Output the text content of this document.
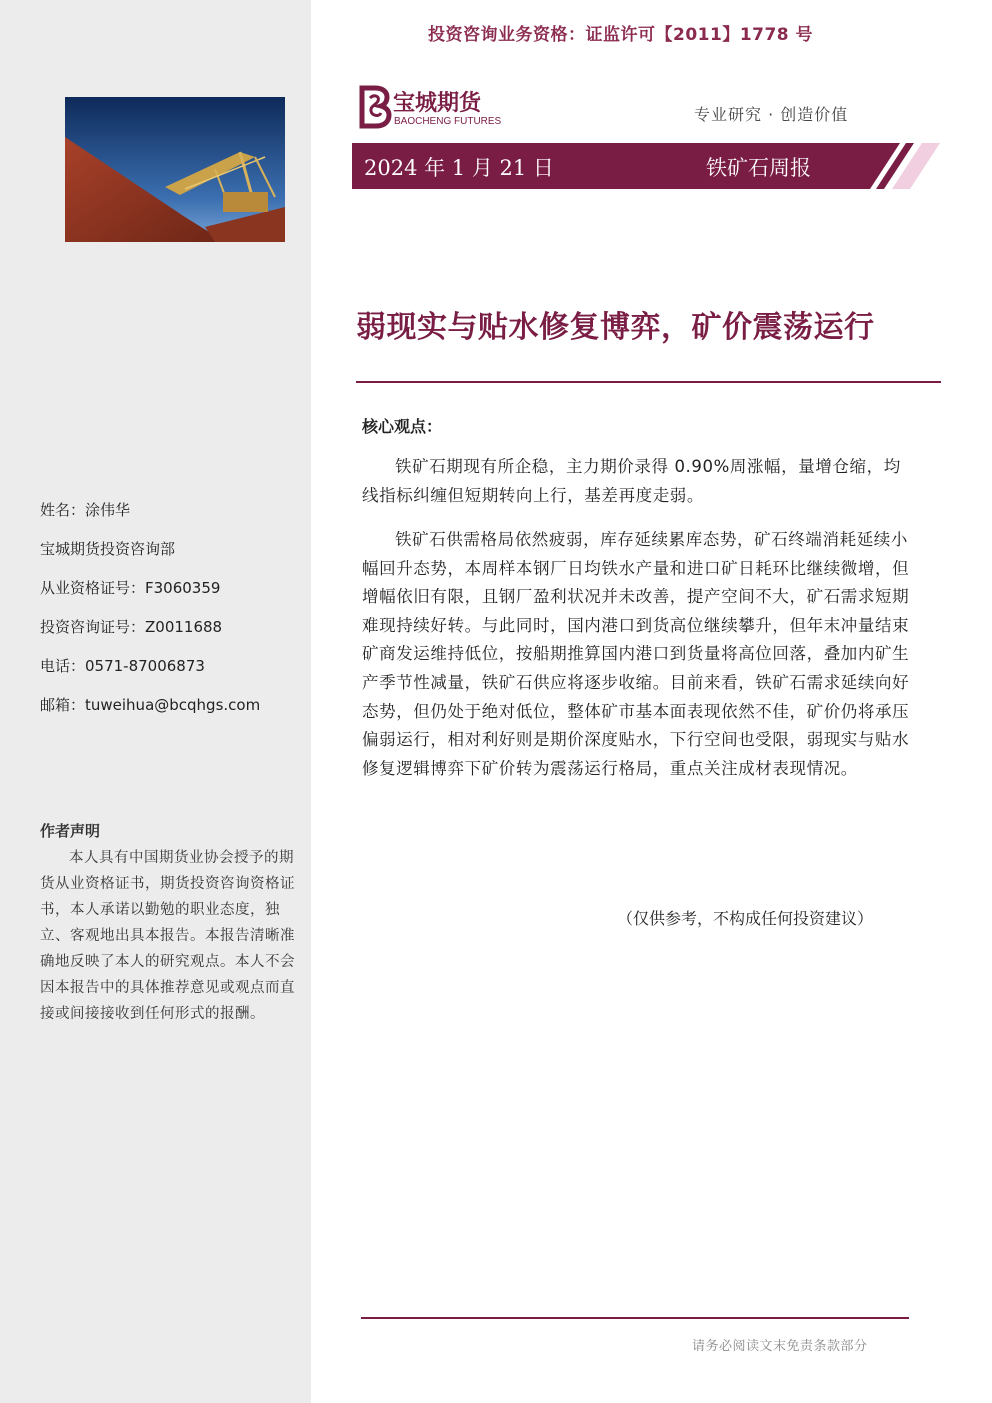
姓名：涂伟华
宝城期货投资咨询部
从业资格证号：F3060359
投资咨询证号：Z0011688
电话：0571-87006873
邮箱：tuweihua@bcqhgs.com
作者声明
本人具有中国期货业协会授予的期货从业资格证书，期货投资咨询资格证书，本人承诺以勤勉的职业态度，独立、客观地出具本报告。本报告清晰准确地反映了本人的研究观点。本人不会因本报告中的具体推荐意见或观点而直接或间接接收到任何形式的报酬。
投资咨询业务资格：证监许可【2011】1778 号
宝城期货
BAOCHENG FUTURES	专业研究 · 创造价值
2024 年 1 月 21 日	铁矿石周报
弱现实与贴水修复博弈，矿价震荡运行
核心观点：
铁矿石期现有所企稳，主力期价录得 0.90%周涨幅，量增仓缩，均线指标纠缠但短期转向上行，基差再度走弱。
铁矿石供需格局依然疲弱，库存延续累库态势，矿石终端消耗延续小幅回升态势，本周样本钢厂日均铁水产量和进口矿日耗环比继续微增，但增幅依旧有限，且钢厂盈利状况并未改善，提产空间不大，矿石需求短期难现持续好转。与此同时，国内港口到货高位继续攀升，但年末冲量结束矿商发运维持低位，按船期推算国内港口到货量将高位回落，叠加内矿生产季节性减量，铁矿石供应将逐步收缩。目前来看，铁矿石需求延续向好态势，但仍处于绝对低位，整体矿市基本面表现依然不佳，矿价仍将承压偏弱运行，相对利好则是期价深度贴水，下行空间也受限，弱现实与贴水修复逻辑博弈下矿价转为震荡运行格局，重点关注成材表现情况。
（仅供参考，不构成任何投资建议）
请务必阅读文末免责条款部分
